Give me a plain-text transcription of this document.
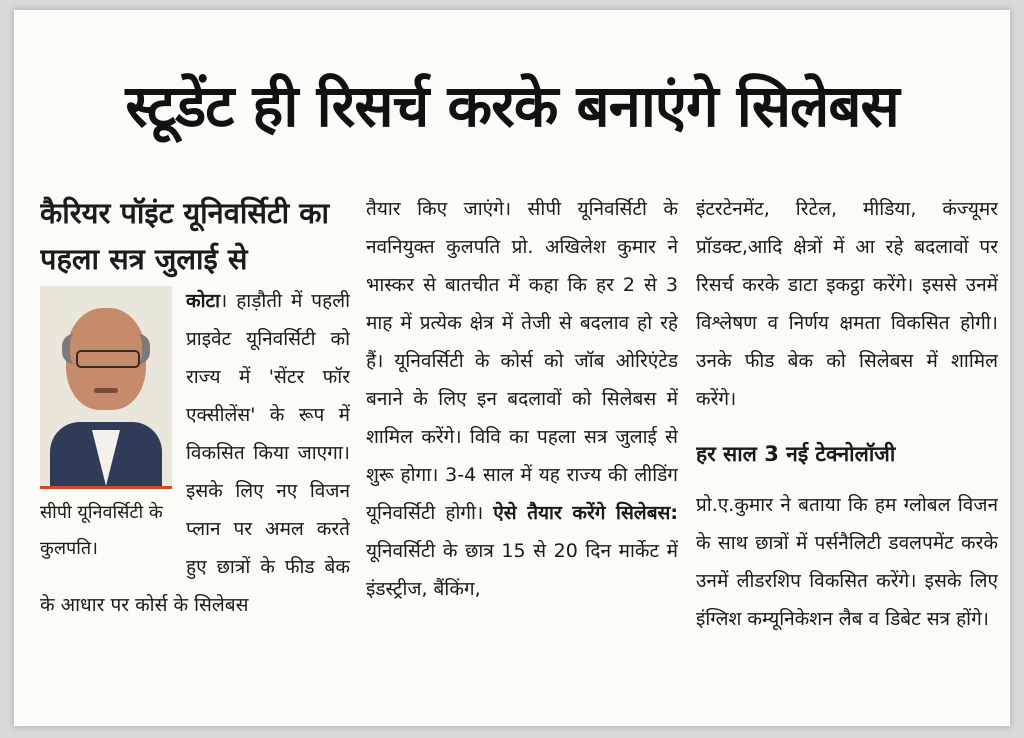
स्टूडेंट ही रिसर्च करके बनाएंगे सिलेबस
कैरियर पॉइंट यूनिवर्सिटी का पहला सत्र जुलाई से
कोटा।
सीपी यूनिवर्सिटी के कुलपति।
हाड़ौती में पहली प्राइवेट यूनिवर्सिटी को राज्य में 'सेंटर फॉर एक्सीलेंस' के रूप में विकसित किया जाएगा। इसके लिए नए विजन प्लान पर अमल करते हुए छात्रों के फीड बेक के आधार पर कोर्स के सिलेबस
तैयार किए जाएंगे। सीपी यूनिवर्सिटी के नवनियुक्त कुलपति प्रो. अखिलेश कुमार ने भास्कर से बातचीत में कहा कि हर 2 से 3 माह में प्रत्येक क्षेत्र में तेजी से बदलाव हो रहे हैं। यूनिवर्सिटी के कोर्स को जॉब ओरिएंटेड बनाने के लिए इन बदलावों को सिलेबस में शामिल करेंगे। विवि का पहला सत्र जुलाई से शुरू होगा। 3-4 साल में यह राज्य की लीडिंग यूनिवर्सिटी होगी। ऐसे तैयार करेंगे सिलेबस: यूनिवर्सिटी के छात्र 15 से 20 दिन मार्केट में इंडस्ट्रीज, बैंकिंग,
इंटरटेनमेंट, रिटेल, मीडिया, कंज्यूमर प्रॉडक्ट,आदि क्षेत्रों में आ रहे बदलावों पर रिसर्च करके डाटा इकट्ठा करेंगे। इससे उनमें विश्लेषण व निर्णय क्षमता विकसित होगी। उनके फीड बेक को सिलेबस में शामिल करेंगे।
हर साल 3 नई टेक्नोलॉजी
प्रो.ए.कुमार ने बताया कि हम ग्लोबल विजन के साथ छात्रों में पर्सनैलिटी डवलपमेंट करके उनमें लीडरशिप विकसित करेंगे। इसके लिए इंग्लिश कम्यूनिकेशन लैब व डिबेट सत्र होंगे।
